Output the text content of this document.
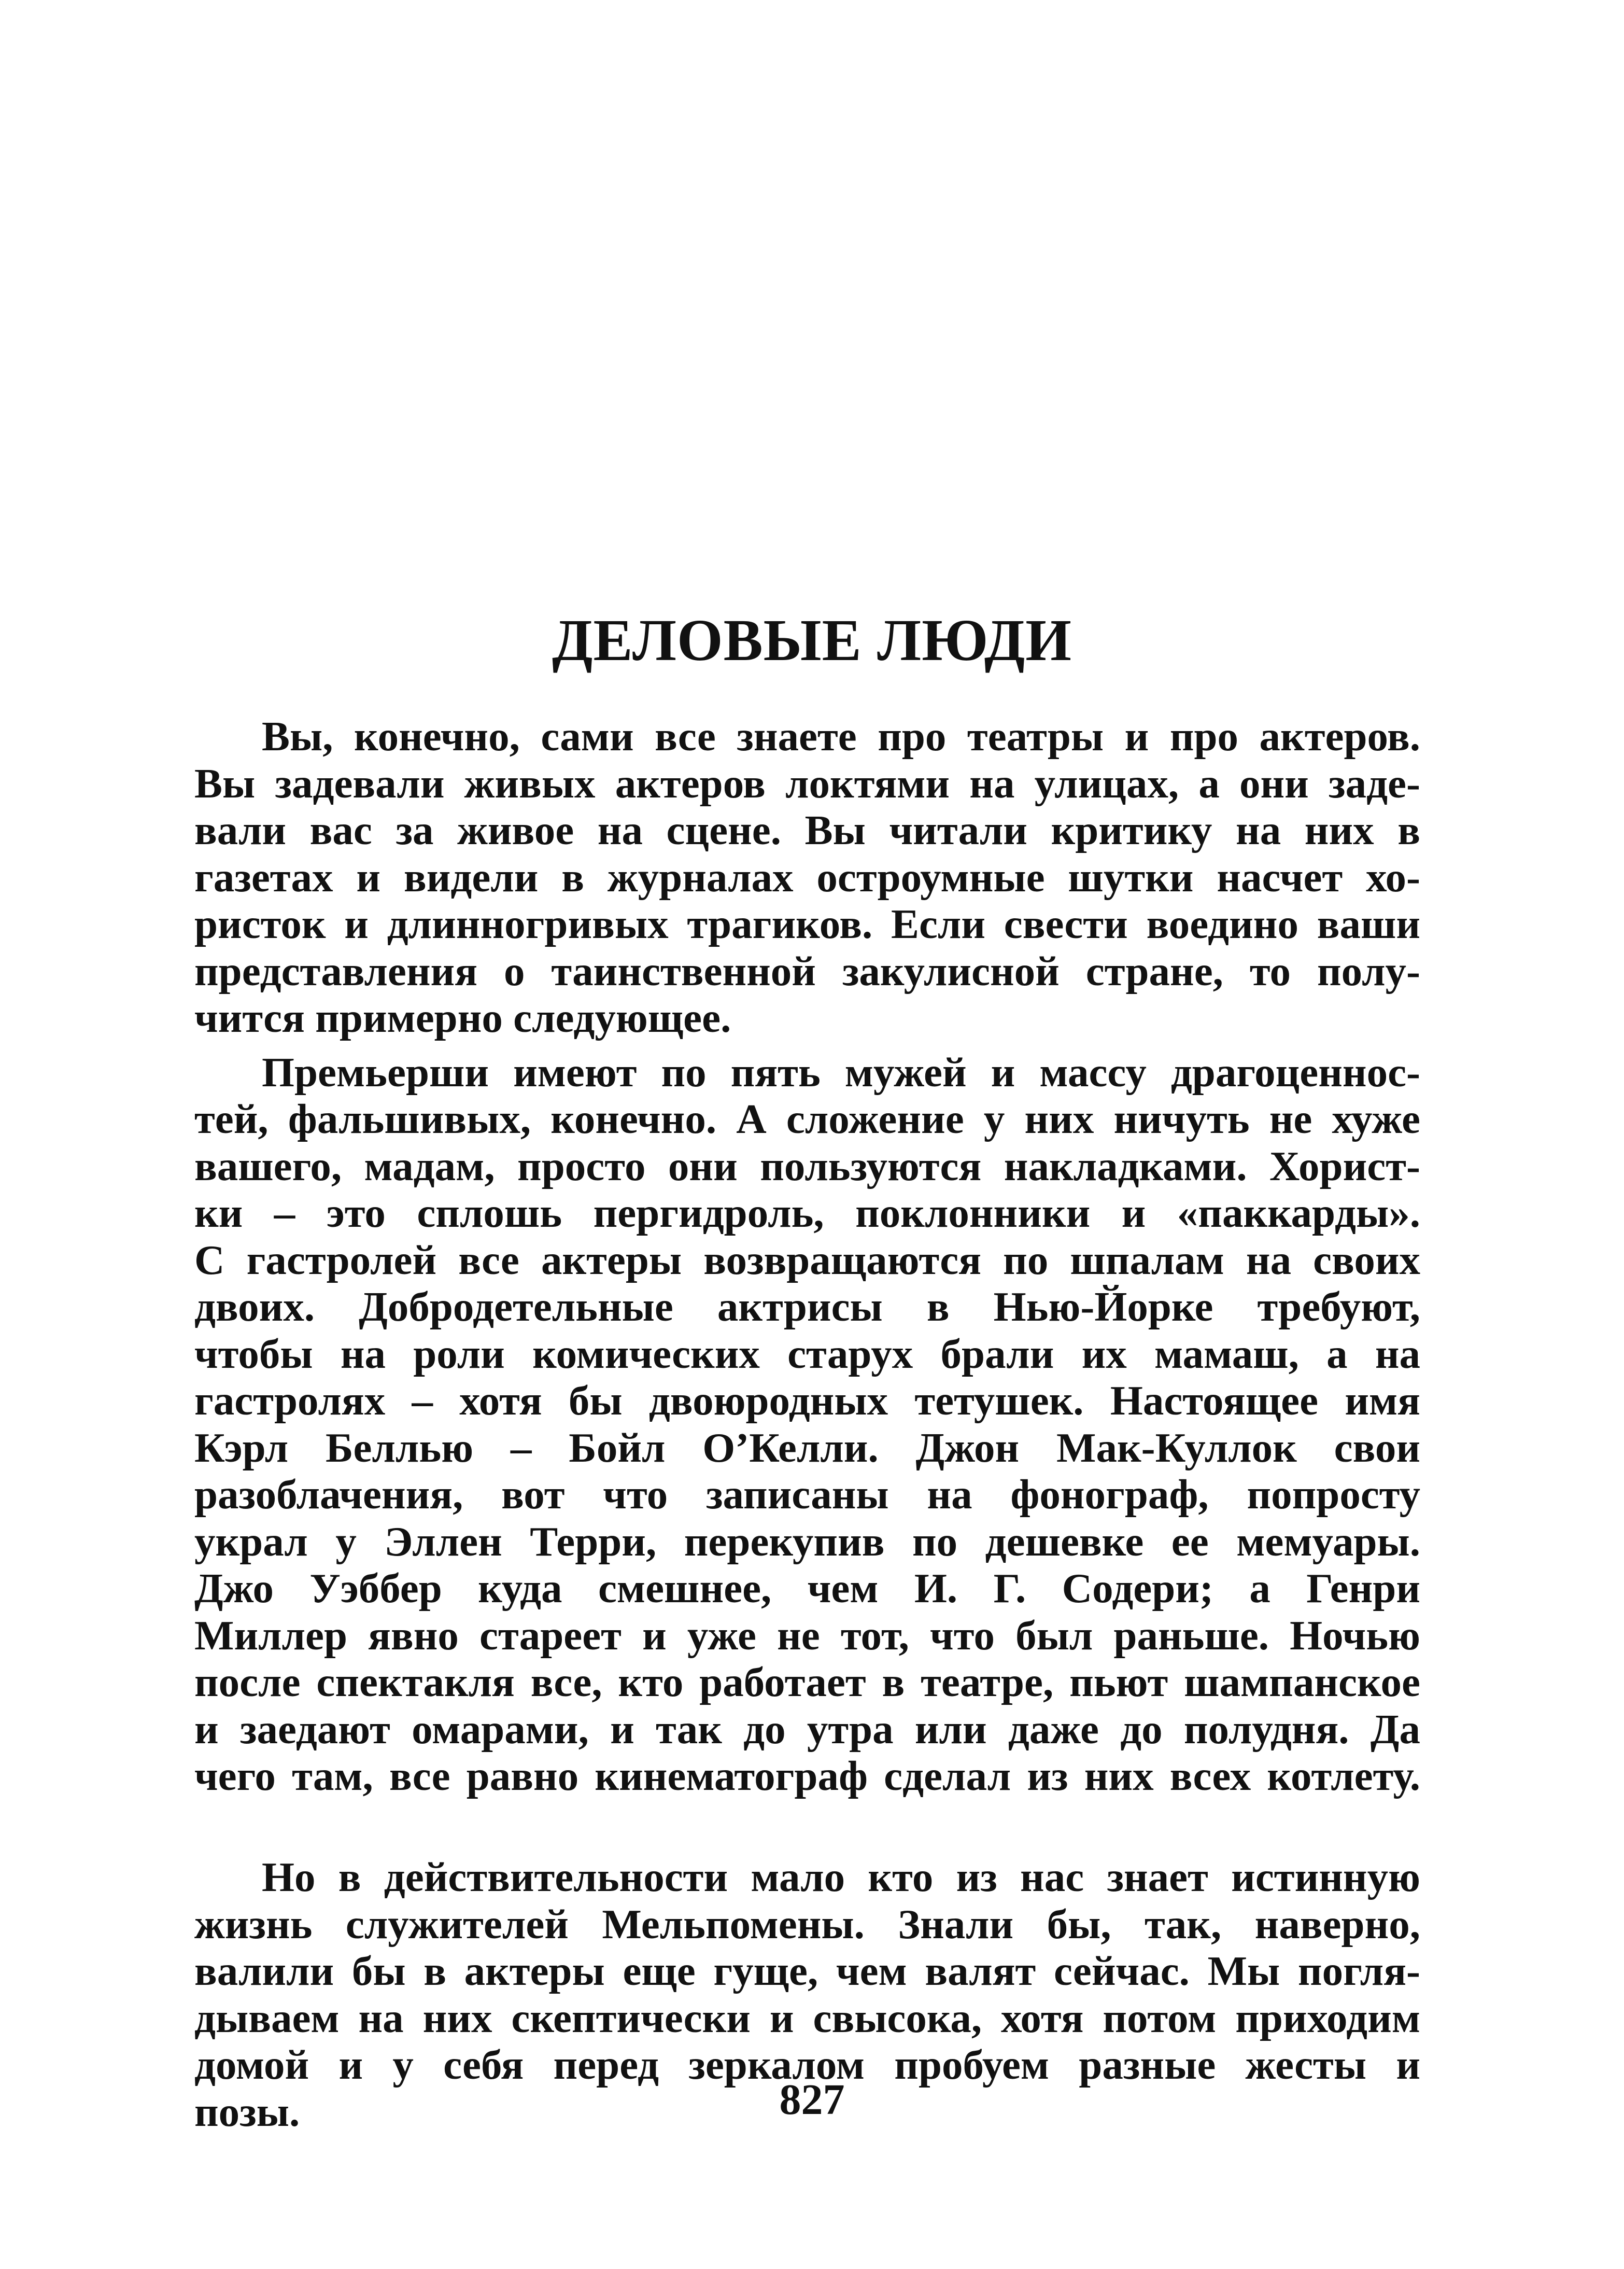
ДЕЛОВЫЕ ЛЮДИ

Вы, конечно, сами все знаете про театры и про актеров.
Вы задевали живых актеров локтями на улицах, а они заде-
вали вас за живое на сцене. Вы читали критику на них в
газетах и видели в журналах остроумные шутки насчет хо-
ристок и длинногривых трагиков. Если свести воедино ваши
представления о таинственной закулисной стране, то полу-
чится примерно следующее.

Премьерши имеют по пять мужей и массу драгоценнос-
тей, фальшивых, конечно. А сложение у них ничуть не хуже
вашего, мадам, просто они пользуются накладками. Хорист-
ки – это сплошь пергидроль, поклонники и «паккарды».
С гастролей все актеры возвращаются по шпалам на своих
двоих. Добродетельные актрисы в Нью-Йорке требуют,
чтобы на роли комических старух брали их мамаш, а на
гастролях – хотя бы двоюродных тетушек. Настоящее имя
Кэрл Беллью – Бойл О’Келли. Джон Мак-Куллок свои
разоблачения, вот что записаны на фонограф, попросту
украл у Эллен Терри, перекупив по дешевке ее мемуары.
Джо Уэббер куда смешнее, чем И. Г. Содери; а Генри
Миллер явно стареет и уже не тот, что был раньше. Ночью
после спектакля все, кто работает в театре, пьют шампанское
и заедают омарами, и так до утра или даже до полудня. Да
чего там, все равно кинематограф сделал из них всех котлету.

Но в действительности мало кто из нас знает истинную
жизнь служителей Мельпомены. Знали бы, так, наверно,
валили бы в актеры еще гуще, чем валят сейчас. Мы погля-
дываем на них скептически и свысока, хотя потом приходим
домой и у себя перед зеркалом пробуем разные жесты и
позы.	827
